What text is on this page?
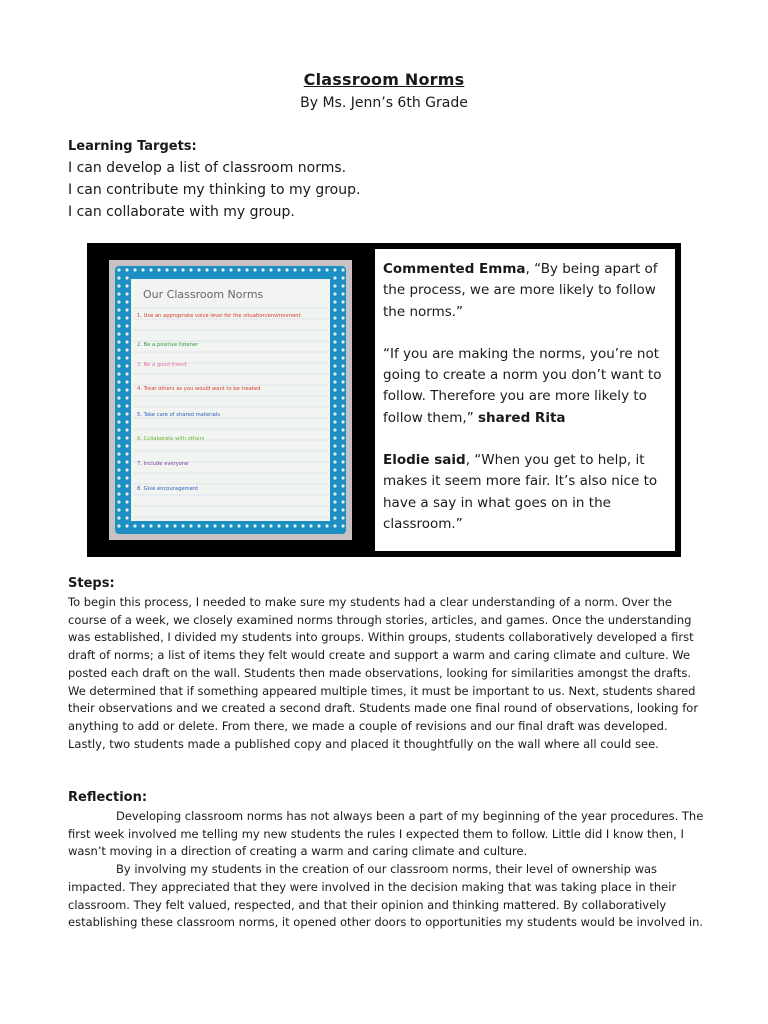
Classroom Norms
By Ms. Jenn’s 6th Grade
Learning Targets:
I can develop a list of classroom norms.
I can contribute my thinking to my group.
I can collaborate with my group.
Our Classroom Norms
1. Use an appropriate voice level for the situation/environment
2. Be a positive listener
3. Be a good friend
4. Treat others as you would want to be treated
5. Take care of shared materials
6. Collaborate with others
7. Include everyone
8. Give encouragement

Commented Emma, “By being apart of the process, we are more likely to follow the norms.”

“If you are making the norms, you’re not going to create a norm you don’t want to follow. Therefore you are more likely to follow them,” shared Rita

Elodie said, “When you get to help, it makes it seem more fair. It’s also nice to have a say in what goes on in the classroom.”

Steps:
To begin this process, I needed to make sure my students had a clear understanding of a norm. Over the course of a week, we closely examined norms through stories, articles, and games. Once the understanding was established, I divided my students into groups. Within groups, students collaboratively developed a first draft of norms; a list of items they felt would create and support a warm and caring climate and culture. We posted each draft on the wall. Students then made observations, looking for similarities amongst the drafts. We determined that if something appeared multiple times, it must be important to us. Next, students shared their observations and we created a second draft. Students made one final round of observations, looking for anything to add or delete. From there, we made a couple of revisions and our final draft was developed. Lastly, two students made a published copy and placed it thoughtfully on the wall where all could see.
Reflection:

Developing classroom norms has not always been a part of my beginning of the year procedures. The first week involved me telling my new students the rules I expected them to follow. Little did I know then, I wasn’t moving in a direction of creating a warm and caring climate and culture.

By involving my students in the creation of our classroom norms, their level of ownership was impacted. They appreciated that they were involved in the decision making that was taking place in their classroom. They felt valued, respected, and that their opinion and thinking mattered. By collaboratively establishing these classroom norms, it opened other doors to opportunities my students would be involved in.
